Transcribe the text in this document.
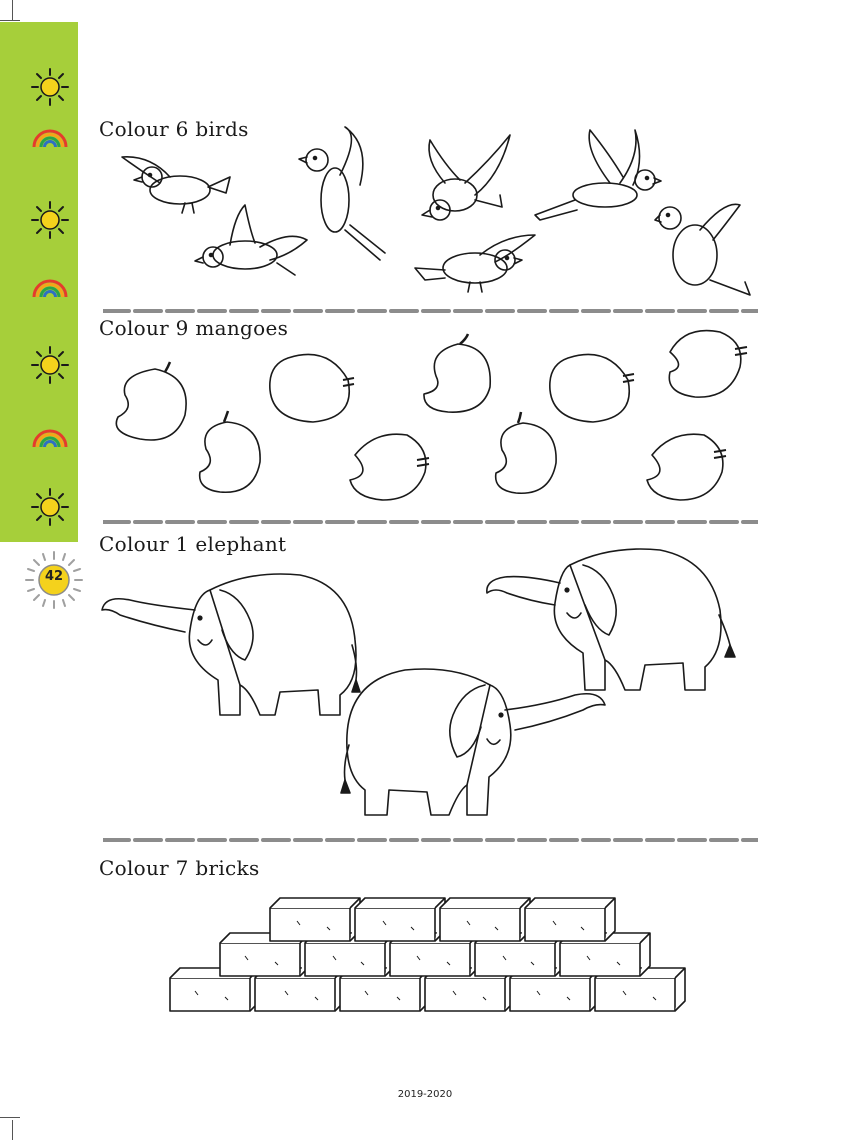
42
Colour 6 birds
Colour 9 mangoes
Colour 1 elephant
Colour 7 bricks
2019-2020
